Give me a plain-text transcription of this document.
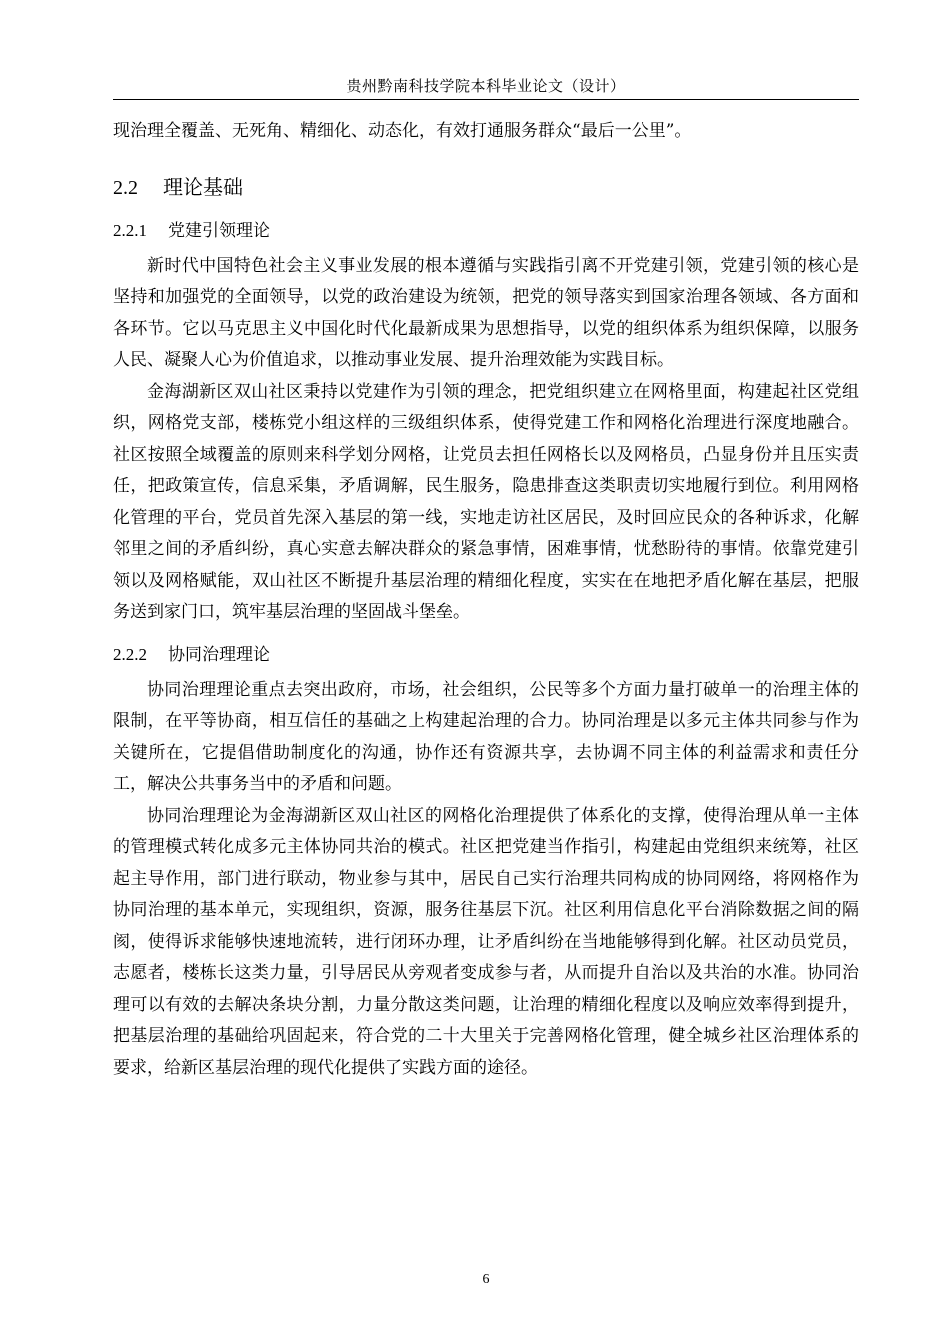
贵州黔南科技学院本科毕业论文（设计）

现治理全覆盖、无死角、精细化、动态化，有效打通服务群众“最后一公里”。

2.2 理论基础
2.2.1 党建引领理论

新时代中国特色社会主义事业发展的根本遵循与实践指引离不开党建引领，党建引领的核心是坚持和加强党的全面领导，以党的政治建设为统领，把党的领导落实到国家治理各领域、各方面和各环节。它以马克思主义中国化时代化最新成果为思想指导，以党的组织体系为组织保障，以服务人民、凝聚人心为价值追求，以推动事业发展、提升治理效能为实践目标。

金海湖新区双山社区秉持以党建作为引领的理念，把党组织建立在网格里面，构建起社区党组织，网格党支部，楼栋党小组这样的三级组织体系，使得党建工作和网格化治理进行深度地融合。社区按照全域覆盖的原则来科学划分网格，让党员去担任网格长以及网格员，凸显身份并且压实责任，把政策宣传，信息采集，矛盾调解，民生服务，隐患排查这类职责切实地履行到位。利用网格化管理的平台，党员首先深入基层的第一线，实地走访社区居民，及时回应民众的各种诉求，化解邻里之间的矛盾纠纷，真心实意去解决群众的紧急事情，困难事情，忧愁盼待的事情。依靠党建引领以及网格赋能，双山社区不断提升基层治理的精细化程度，实实在在地把矛盾化解在基层，把服务送到家门口，筑牢基层治理的坚固战斗堡垒。

2.2.2 协同治理理论

协同治理理论重点去突出政府，市场，社会组织，公民等多个方面力量打破单一的治理主体的限制，在平等协商，相互信任的基础之上构建起治理的合力。协同治理是以多元主体共同参与作为关键所在，它提倡借助制度化的沟通，协作还有资源共享，去协调不同主体的利益需求和责任分工，解决公共事务当中的矛盾和问题。

协同治理理论为金海湖新区双山社区的网格化治理提供了体系化的支撑，使得治理从单一主体的管理模式转化成多元主体协同共治的模式。社区把党建当作指引，构建起由党组织来统筹，社区起主导作用，部门进行联动，物业参与其中，居民自己实行治理共同构成的协同网络，将网格作为协同治理的基本单元，实现组织，资源，服务往基层下沉。社区利用信息化平台消除数据之间的隔阂，使得诉求能够快速地流转，进行闭环办理，让矛盾纠纷在当地能够得到化解。社区动员党员，志愿者，楼栋长这类力量，引导居民从旁观者变成参与者，从而提升自治以及共治的水准。协同治理可以有效的去解决条块分割，力量分散这类问题，让治理的精细化程度以及响应效率得到提升，把基层治理的基础给巩固起来，符合党的二十大里关于完善网格化管理，健全城乡社区治理体系的要求，给新区基层治理的现代化提供了实践方面的途径。

6
